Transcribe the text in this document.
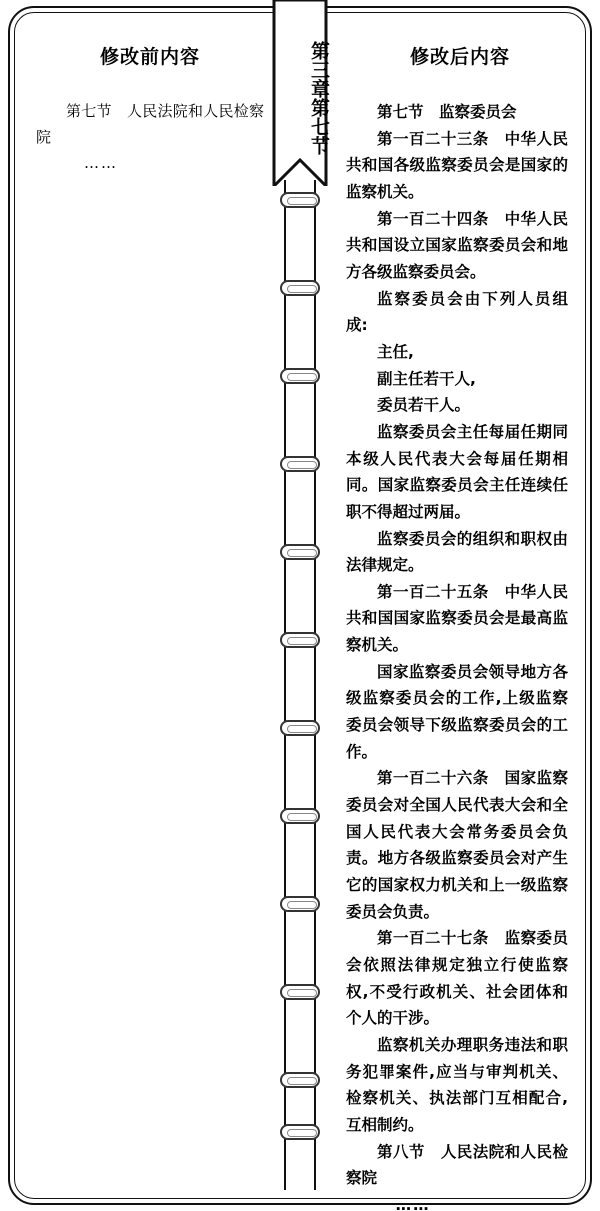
修改前内容

第七节　人民法院和人民检察院

……

修改后内容

第七节　监察委员会

第一百二十三条　中华人民共和国各级监察委员会是国家的监察机关。

第一百二十四条　中华人民共和国设立国家监察委员会和地方各级监察委员会。

监察委员会由下列人员组成:

主任,

副主任若干人,

委员若干人。

监察委员会主任每届任期同本级人民代表大会每届任期相同。国家监察委员会主任连续任职不得超过两届。

监察委员会的组织和职权由法律规定。

第一百二十五条　中华人民共和国国家监察委员会是最高监察机关。

国家监察委员会领导地方各级监察委员会的工作,上级监察委员会领导下级监察委员会的工作。

第一百二十六条　国家监察委员会对全国人民代表大会和全国人民代表大会常务委员会负责。地方各级监察委员会对产生它的国家权力机关和上一级监察委员会负责。

第一百二十七条　监察委员会依照法律规定独立行使监察权,不受行政机关、社会团体和个人的干涉。

监察机关办理职务违法和职务犯罪案件,应当与审判机关、检察机关、执法部门互相配合,互相制约。

第八节　人民法院和人民检察院

……

第三章第七节
